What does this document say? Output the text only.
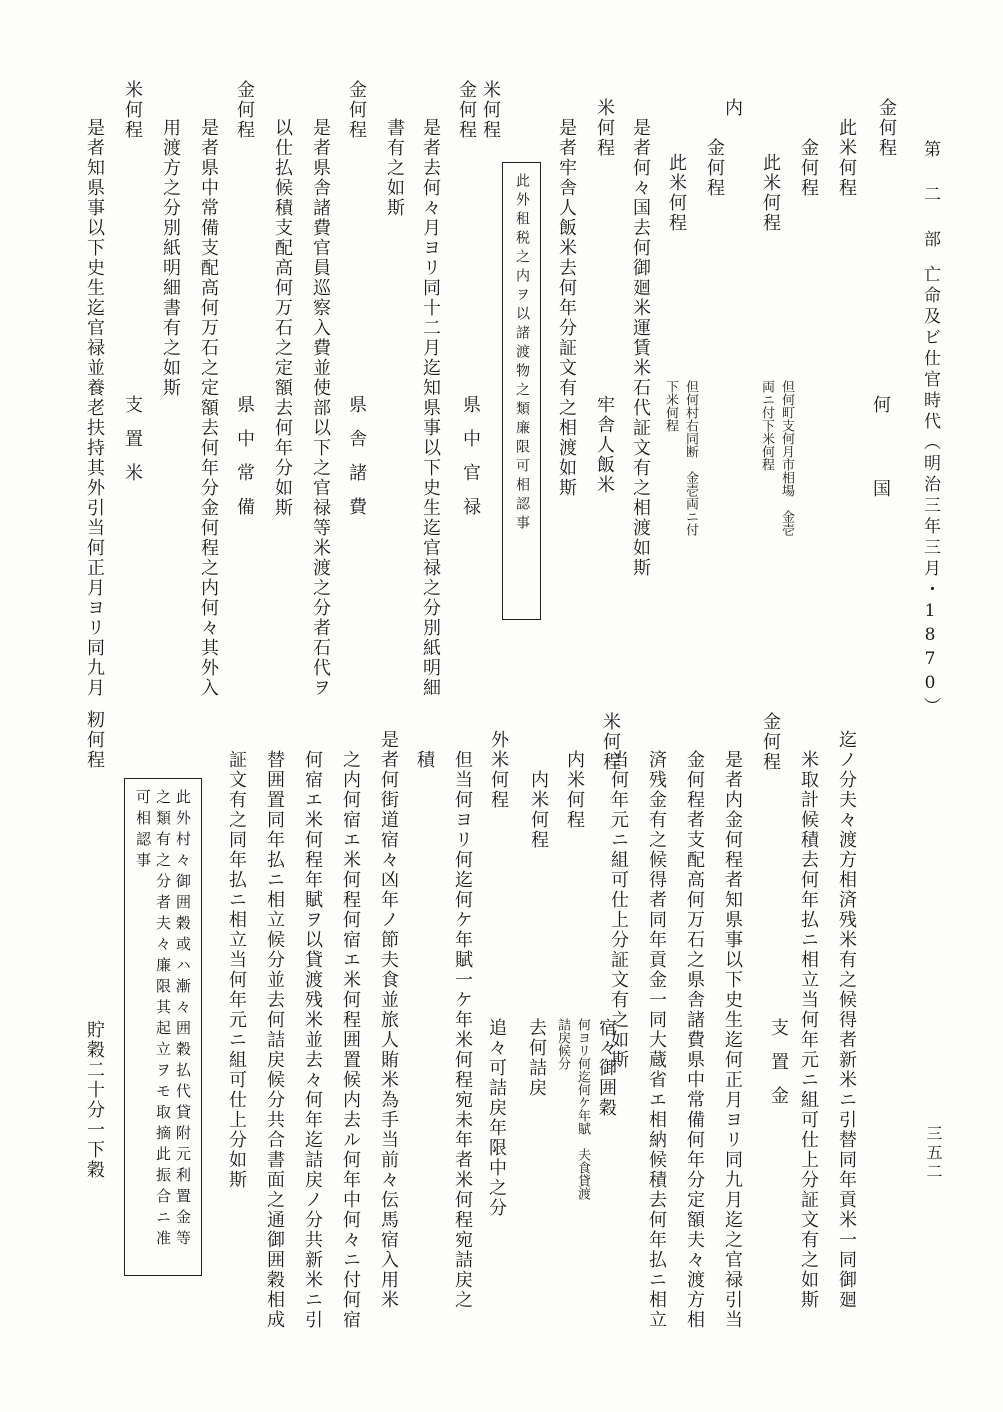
第 二 部
亡命及ビ仕官時代（明治三年三月・1870）
三五二
金何程
此米何程
金何程
此米何程
但何町支何月市相場　金壱両ニ付下米何程	何　国
内
金何程
此米何程
但何村右同断　金壱両ニ付下米何程
是者何々国去何御廻米運賃米石代証文有之相渡如斯
米何程
牢舎人飯米
是者牢舎人飯米去何年分証文有之相渡如斯
此外租税之内ヲ以諸渡物之類廉限可相認事
米何程
金何程
県中官禄
是者去何々月ヨリ同十二月迄知県事以下史生迄官禄之分別紙明細
書有之如斯
金何程
県舎諸費
是者県舎諸費官員巡察入費並使部以下之官禄等米渡之分者石代ヲ
以仕払候積支配高何万石之定額去何年分如斯
金何程
県中常備
是者県中常備支配高何万石之定額去何年分金何程之内何々其外入
用渡方之分別紙明細書有之如斯
米何程
支置米
是者知県事以下史生迄官禄並養老扶持其外引当何正月ヨリ同九月
迄ノ分夫々渡方相済残米有之候得者新米ニ引替同年貢米一同御廻
米取計候積去何年払ニ相立当何年元ニ組可仕上分証文有之如斯
金何程
支置金
是者内金何程者知県事以下史生迄何正月ヨリ同九月迄之官禄引当
金何程者支配高何万石之県舎諸費県中常備何年分定額夫々渡方相
済残金有之候得者同年貢金一同大蔵省エ相納候積去何年払ニ相立
当何年元ニ組可仕上分証文有之如斯
米何程
宿々御囲穀
内米何程
何ヨリ何迄何ケ年賦　夫食貸渡詰戻候分
内米何程
去何詰戻
外米何程
追々可詰戻年限中之分
但当何ヨリ何迄何ケ年賦一ケ年米何程宛未年者米何程宛詰戻之
積
是者何街道宿々凶年ノ節夫食並旅人賄米為手当前々伝馬宿入用米
之内何宿エ米何程何宿エ米何程囲置候内去ル何年中何々ニ付何宿
何宿エ米何程年賦ヲ以貸渡残米並去々何年迄詰戻ノ分共新米ニ引
替囲置同年払ニ相立候分並去何詰戻候分共合書面之通御囲穀相成
証文有之同年払ニ相立当何年元ニ組可仕上分如斯
此外村々御囲穀或ハ漸々囲穀払代貸附元利置金等之類有之分者夫々廉限其起立ヲモ取摘此振合ニ准可相認事
籾何程
貯穀二十分一下穀
